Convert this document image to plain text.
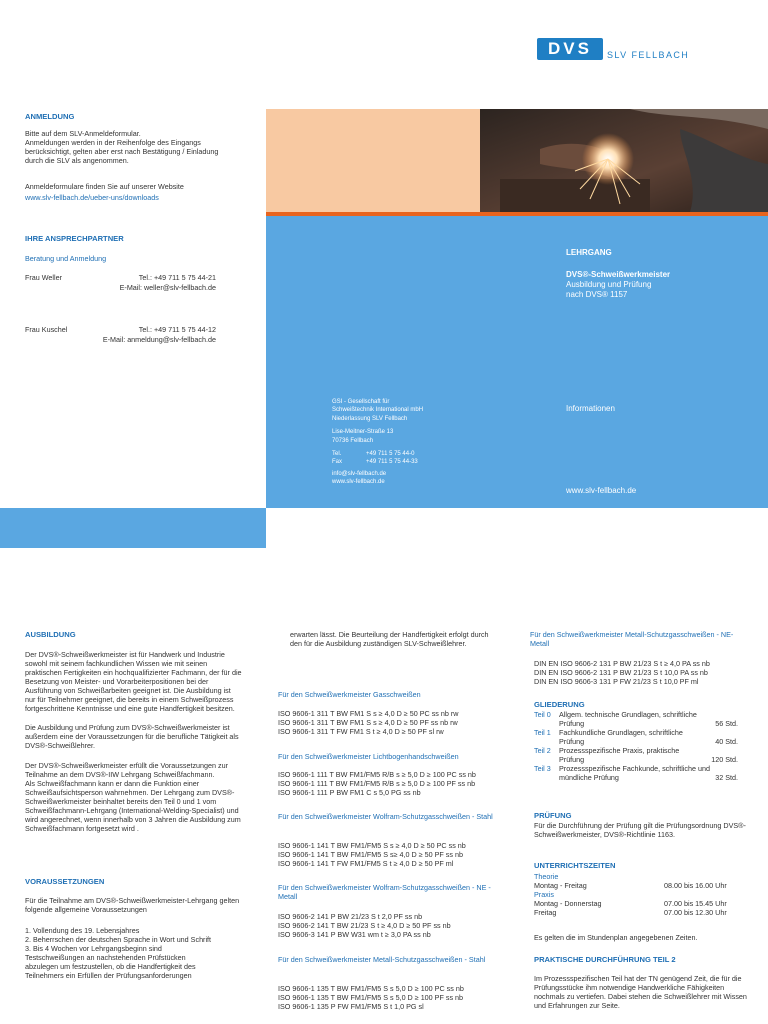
DVS	SLV FELLBACH
ANMELDUNG

Bitte auf dem SLV-Anmeldeformular.
Anmeldungen werden in der Reihenfolge des Eingangs berücksichtigt, gelten aber erst nach Bestätigung / Einladung durch die SLV als angenommen.

Anmeldeformulare finden Sie auf unserer Website

www.slv-fellbach.de/ueber-uns/downloads
IHRE ANSPRECHPARTNER
Beratung und Anmeldung
Frau Weller	Tel.: +49 711 5 75 44-21
E-Mail: weller@slv-fellbach.de
Frau Kuschel	Tel.: +49 711 5 75 44-12
E-Mail: anmeldung@slv-fellbach.de
LEHRGANG
DVS®-Schweißwerkmeister
Ausbildung und Prüfung
nach DVS® 1157
Informationen
www.slv-fellbach.de
GSI - Gesellschaft für
Schweißtechnik International mbH
Niederlassung SLV Fellbach
Lise-Meitner-Straße 13
70736 Fellbach
Tel.	+49 711 5 75 44-0
Fax	+49 711 5 75 44-33
info@slv-fellbach.de
www.slv-fellbach.de
AUSBILDUNG

Der DVS®-Schweißwerkmeister ist für Handwerk und Industrie sowohl mit seinem fachkundlichen Wissen wie mit seinen praktischen Fertigkeiten ein hochqualifizierter Fachmann, der für die Besetzung von Meister- und Vorarbeiterpositionen bei der Ausführung von Schweißarbeiten geeignet ist. Die Ausbildung ist nur für Teilnehmer geeignet, die bereits in einem Schweißprozess fortgeschrittene Kenntnisse und eine gute Handfertigkeit besitzen.

Die Ausbildung und Prüfung zum DVS®-Schweißwerkmeister ist außerdem eine der Voraussetzungen für die berufliche Tätigkeit als DVS®-Schweißlehrer.

Der DVS®-Schweißwerkmeister erfüllt die Voraussetzungen zur Teilnahme an dem DVS®-IIW Lehrgang Schweißfachmann.
Als Schweißfachmann kann er dann die Funktion einer Schweißaufsichtsperson wahrnehmen. Der Lehrgang zum DVS®-Schweißwerkmeister beinhaltet bereits den Teil 0 und 1 vom Schweißfachmann-Lehrgang (International-Welding-Specialist) und wird angerechnet, wenn innerhalb von 3 Jahren die Ausbildung zum Schweißfachmann fortgesetzt wird .

VORAUSSETZUNGEN

Für die Teilnahme am DVS®-Schweißwerkmeister-Lehrgang gelten folgende allgemeine Voraussetzungen

1. Vollendung des 19. Lebensjahres
2. Beherrschen der deutschen Sprache in Wort und Schrift
3. Bis 4 Wochen vor Lehrgangsbeginn sind
Testschweißungen an nachstehenden Prüfstücken
abzulegen um festzustellen, ob die Handfertigkeit des
Teilnehmers ein Erfüllen der Prüfungsanforderungen

erwarten lässt. Die Beurteilung der Handfertigkeit erfolgt durch den für die Ausbildung zuständigen SLV-Schweißlehrer.

Für den Schweißwerkmeister Gasschweißen

ISO 9606-1 311 T BW FM1 S s ≥ 4,0 D ≥ 50 PC ss nb rw
ISO 9606-1 311 T BW FM1 S s ≥ 4,0 D ≥ 50 PF ss nb rw
ISO 9606-1 311 T FW FM1 S t ≥ 4,0 D ≥ 50 PF sl rw

Für den Schweißwerkmeister Lichtbogenhandschweißen

ISO 9606-1 111 T BW FM1/FM5 R/B s ≥ 5,0 D ≥ 100 PC ss nb
ISO 9606-1 111 T BW FM1/FM5 R/B s ≥ 5,0 D ≥ 100 PF ss nb
ISO 9606-1 111 P BW FM1 C s 5,0 PG ss nb

Für den Schweißwerkmeister Wolfram-Schutzgasschweißen - Stahl

ISO 9606-1 141 T BW FM1/FM5 S s ≥ 4,0 D ≥ 50 PC ss nb
ISO 9606-1 141 T BW FM1/FM5 S s≥ 4,0 D ≥ 50 PF ss nb
ISO 9606-1 141 T FW FM1/FM5 S t ≥ 4,0 D ≥ 50 PF ml

Für den Schweißwerkmeister Wolfram-Schutzgasschweißen - NE - Metall

ISO 9606-2 141 P BW 21/23 S t 2,0 PF ss nb
ISO 9606-2 141 T BW 21/23 S t ≥ 4,0 D ≥ 50 PF ss nb
ISO 9606-3 141 P BW W31 wm t ≥ 3,0 PA ss nb

Für den Schweißwerkmeister Metall-Schutzgasschweißen - Stahl

ISO 9606-1 135 T BW FM1/FM5 S s 5,0 D ≥ 100 PC ss nb
ISO 9606-1 135 T BW FM1/FM5 S s 5,0 D ≥ 100 PF ss nb
ISO 9606-1 135 P FW FM1/FM5 S t 1,0 PG sl

Für den Schweißwerkmeister Metall-Schutzgasschweißen - NE- Metall

DIN EN ISO 9606-2 131 P BW 21/23 S t ≥ 4,0 PA ss nb
DIN EN ISO 9606-2 131 P BW 21/23 S t 10,0 PA ss nb
DIN EN ISO 9606-3 131 P FW 21/23 S t 10,0 PF ml

GLIEDERUNG
Teil 0	Allgem. technische Grundlagen, schriftliche
Prüfung	56 Std.
Teil 1	Fachkundliche Grundlagen, schriftliche
Prüfung	40 Std.
Teil 2	Prozessspezifische Praxis, praktische
Prüfung	120 Std.
Teil 3	Prozessspezifische Fachkunde, schriftliche und
mündliche Prüfung	32 Std.
PRÜFUNG

Für die Durchführung der Prüfung gilt die Prüfungsordnung DVS®-Schweißwerkmeister, DVS®-Richtlinie 1163.

UNTERRICHTSZEITEN
Theorie
Montag - Freitag	08.00 bis 16.00 Uhr
Praxis
Montag - Donnerstag	07.00 bis 15.45 Uhr
Freitag	07.00 bis 12.30 Uhr

Es gelten die im Stundenplan angegebenen Zeiten.

PRAKTISCHE DURCHFÜHRUNG TEIL 2

Im Prozessspezifischen Teil hat der TN genügend Zeit, die für die Prüfungsstücke ihm notwendige Handwerkliche Fähigkeiten nochmals zu vertiefen. Dabei stehen die Schweißlehrer mit Wissen und Erfahrungen zur Seite.
